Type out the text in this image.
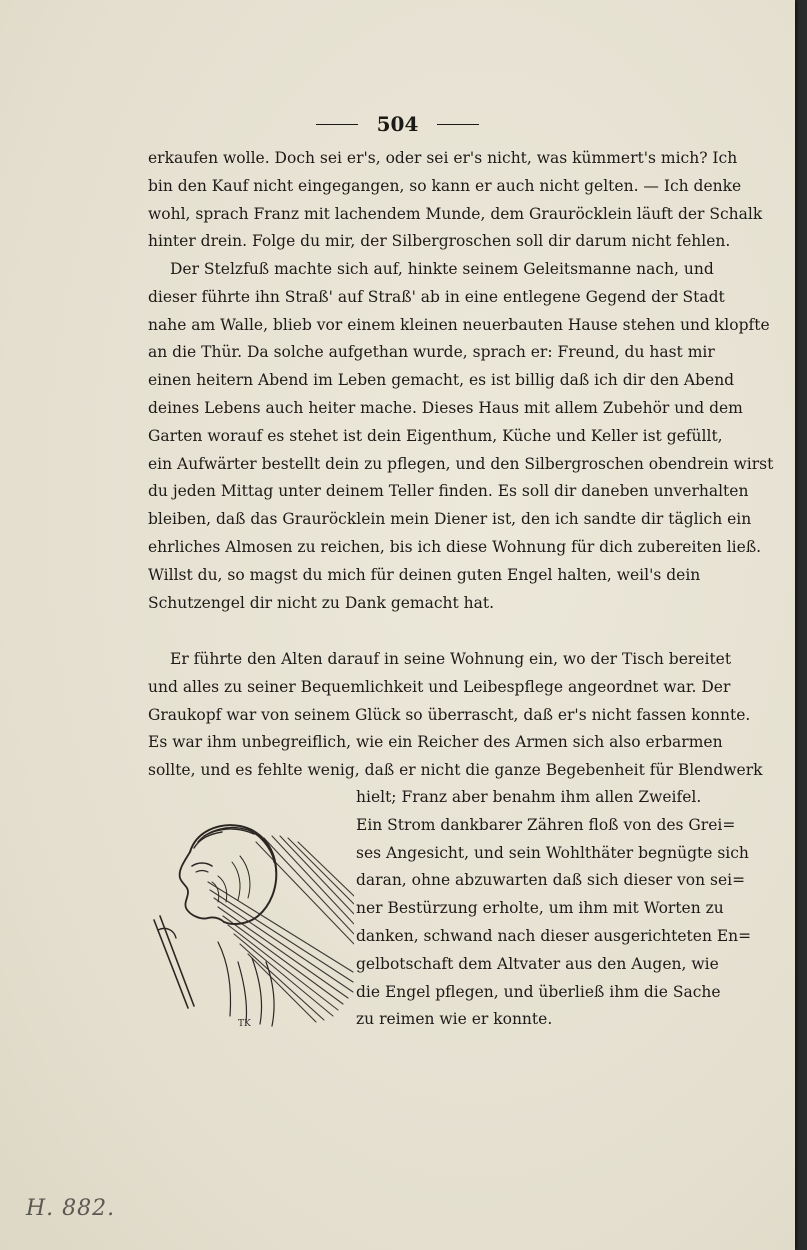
504
erkaufen wolle. Doch sei er's, oder sei er's nicht, was kümmert's mich? Ich
bin den Kauf nicht eingegangen, so kann er auch nicht gelten. — Ich denke
wohl, sprach Franz mit lachendem Munde, dem Grauröcklein läuft der Schalk
hinter drein. Folge du mir, der Silbergroschen soll dir darum nicht fehlen.
Der Stelzfuß machte sich auf, hinkte seinem Geleitsmanne nach, und
dieser führte ihn Straß' auf Straß' ab in eine entlegene Gegend der Stadt
nahe am Walle, blieb vor einem kleinen neuerbauten Hause stehen und klopfte
an die Thür. Da solche aufgethan wurde, sprach er: Freund, du hast mir
einen heitern Abend im Leben gemacht, es ist billig daß ich dir den Abend
deines Lebens auch heiter mache. Dieses Haus mit allem Zubehör und dem
Garten worauf es stehet ist dein Eigenthum, Küche und Keller ist gefüllt,
ein Aufwärter bestellt dein zu pflegen, und den Silbergroschen obendrein wirst
du jeden Mittag unter deinem Teller finden. Es soll dir daneben unverhalten
bleiben, daß das Grauröcklein mein Diener ist, den ich sandte dir täglich ein
ehrliches Almosen zu reichen, bis ich diese Wohnung für dich zubereiten ließ.
Willst du, so magst du mich für deinen guten Engel halten, weil's dein
Schutzengel dir nicht zu Dank gemacht hat.
Er führte den Alten darauf in seine Wohnung ein, wo der Tisch bereitet
und alles zu seiner Bequemlichkeit und Leibespflege angeordnet war. Der
Graukopf war von seinem Glück so überrascht, daß er's nicht fassen konnte.
Es war ihm unbegreiflich, wie ein Reicher des Armen sich also erbarmen
sollte, und es fehlte wenig, daß er nicht die ganze Begebenheit für Blendwerk
hielt; Franz aber benahm ihm allen Zweifel.
Ein Strom dankbarer Zähren floß von des Grei=
ses Angesicht, und sein Wohlthäter begnügte sich
daran, ohne abzuwarten daß sich dieser von sei=
ner Bestürzung erholte, um ihm mit Worten zu
danken, schwand nach dieser ausgerichteten En=
gelbotschaft dem Altvater aus den Augen, wie
die Engel pflegen, und überließ ihm die Sache
zu reimen wie er konnte.
TK
H. 882.
